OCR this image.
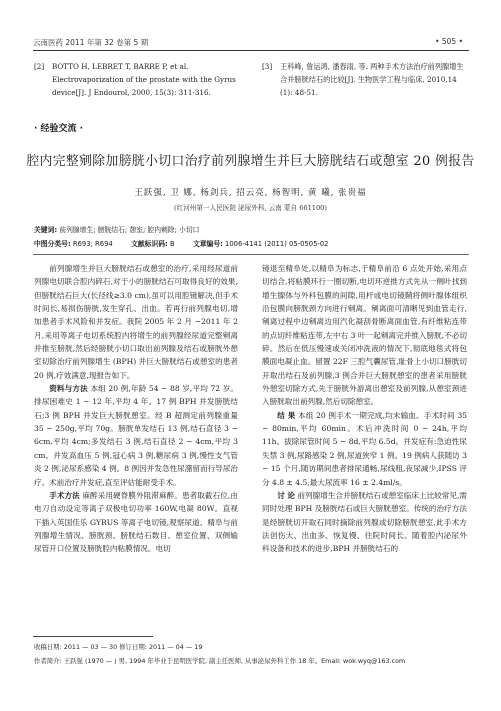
云南医药 2011 年第 32 卷第 5 期	• 505 •
[2]	BOTTO H, LEBRET T, BARRE P, et al. Electrovaporization of the prostate with the Gyrus device[J]. J Endourol, 2000, 15(3): 311-316.
[3]	王科峰, 詹运鸿, 潘春雨, 等. 两种手术方法治疗前列腺增生合并膀胱结石的比较[J]. 生物医学工程与临床, 2010,14 (1): 48-51.
· 经验交流 ·
腔内完整剜除加膀胱小切口治疗前列腺增生并巨大膀胱结石或憩室 20 例报告
王跃强, 卫 娜, 杨剑兵, 招云亮, 杨智明, 黄 曦, 张贵福
(红河州第一人民医院 泌尿外科, 云南 蒙自 661100)
关键词: 前列腺增生; 膀胱结石; 憩室; 腔内剜除; 小切口
中图分类号: R693; R694	文献标识码: B	文章编号: 1006-4141 (2011) 05-0505-02

前列腺增生并巨大膀胱结石或憩室的治疗,采用经尿道前列腺电切联合腔内碎石,对于小的膀胱结石可取得良好的效果,但膀胱结石巨大(长径线≥3.0 cm),虽可以用腔镜解决,但手术时间长,易损伤膀胱,发生穿孔、出血。若再行前列腺电切,增加患者手术风险和并发症。我院 2005 年 2 月 ~2011 年 2 月,采用等离子电切系统腔内将增生的前列腺经尿道完整剜离并推至膀胱,然后经膀胱小切口取出前列腺及结石或膀胱外憩室切除治疗前列腺增生 (BPH) 并巨大膀胱结石或憩室的患者 20 例,疗效满意,现报告如下。

资料与方法 本组 20 例,年龄 54 ~ 88 岁,平均 72 岁。排尿困难史 1 ~ 12 年,平均 4 年。17 例 BPH 并发膀胱结石;3 例 BPH 并发巨大膀胱憩室。经 B 超测定前列腺重量 35 ~ 250g,平均 70g。膀胱单发结石 13 例,结石直径 3 ~ 6cm,平均 4cm;多发结石 3 例,结石直径 2 ~ 4cm,平均 3 cm。并发高血压 5 例,冠心病 3 例,糖尿病 3 例,慢性支气管炎 2 例,泌尿系感染 4 例。8 例因并发急性尿潴留而行导尿治疗。术前治疗并发症,直至评估能耐受手术。

手术方法 麻醉采用硬脊膜外阻滞麻醉。患者取截石位,由电刀自动设定等离子双极电切功率 160W,电凝 80W。直视下插入英国佳乐 GYRUS 等离子电切镜,观察尿道、精阜与前列腺增生情况、膀胱颈、膀胱结石数目、憩室位置、双侧输尿管开口位置及膀胱腔内粘膜情况。电切

镜退至精阜处,以精阜为标志,于精阜前沿 6 点处开始,采用点切结合,将粘膜环行一圈切断,电切环逆推方式先从一侧叶找到增生腺体与外科包膜的间隙,用杆或电切镜鞘将侧叶腺体组织沿包膜向膀胱颈方向进行剜离。剜离面可清晰见到血管走行,剜离过程中边剜离边用汽化凝刮骨断离面血管,有纤维粘连带的点切纤维粘连带,左中右 3 叶一起剜离完并推入膀胱,不必切碎。然后在低压慢速或关闭冲洗液的情况下,彻底地毯式将包膜面电凝止血。留置 22F 三腔气囊尿管,耻骨上小切口膀胱切开取出结石及前列腺,3 例合并巨大膀胱憩室的患者采用膀胱外憩室切除方式,先于膀胱外游离出憩室及前列腺,从憩室颈进入膀胱取出前列腺,然后切除憩室。

结 果 本组 20 例手术一期完成,均未输血。手术时间 35 ~ 80min,平均 60min。术后冲洗时间 0 ~ 24h,平均 11h。拔除尿管时间 5 ~ 8d,平均 6.5d。并发症有:急迫性尿失禁 3 例,尿路感染 2 例,尿道狭窄 1 例。19 例病人获随访 3 ~ 15 个月,随访期间患者排尿通畅,尿线粗,夜尿减少,IPSS 评分 4.8 ± 4.5,最大尿流率 16 ± 2.4ml/s。

讨 论 前列腺增生合并膀胱结石或憩室临床上比较常见,需同时处理 BPH 及膀胱结石或巨大膀胱憩室。传统的治疗方法是经膀胱切开取石同时摘除前列腺或切除膀胱憩室,此手术方法创伤大、出血多、恢复慢、住院时间长。随着腔内泌尿外科设备和技术的进步,BPH 并膀胱结石的

收稿日期: 2011 — 03 — 30 修订日期: 2011 — 04 — 19
作者简介: 王跃强 (1970 — ) 男, 1994 年毕业于昆明医学院, 副主任医师, 从事泌尿外科工作 18 年。Email: wok.wyq@163.com
